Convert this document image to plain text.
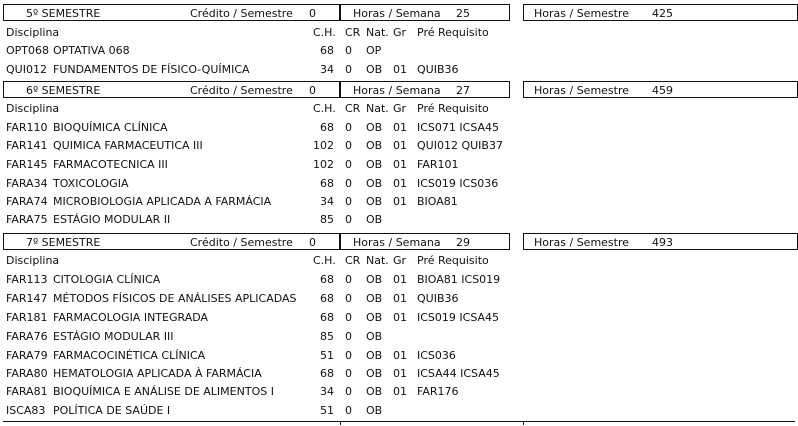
5º SEMESTRE	Crédito / Semestre 0	Horas / Semana 25	Horas / Semestre 425
Disciplina	C.H. CR Nat. Gr Pré Requisito
OPT068 OPTATIVA 068	68 0 OP
QUI012 FUNDAMENTOS DE FÍSICO-QUÍMICA	34 0 OB 01 QUIB36
6º SEMESTRE	Crédito / Semestre 0	Horas / Semana 27	Horas / Semestre 459
Disciplina	C.H. CR Nat. Gr Pré Requisito
FAR110 BIOQUÍMICA CLÍNICA	68 0 OB 01 ICS071 ICSA45
FAR141 QUIMICA FARMACEUTICA III	102 0 OB 01 QUI012 QUIB37
FAR145 FARMACOTECNICA III	102 0 OB 01 FAR101
FARA34 TOXICOLOGIA	68 0 OB 01 ICS019 ICS036
FARA74 MICROBIOLOGIA APLICADA A FARMÁCIA	34 0 OB 01 BIOA81
FARA75 ESTÁGIO MODULAR II	85 0 OB
7º SEMESTRE	Crédito / Semestre 0	Horas / Semana 29	Horas / Semestre 493
Disciplina	C.H. CR Nat. Gr Pré Requisito
FAR113 CITOLOGIA CLÍNICA	68 0 OB 01 BIOA81 ICS019
FAR147 MÉTODOS FÍSICOS DE ANÁLISES APLICADAS	68 0 OB 01 QUIB36
FAR181 FARMACOLOGIA INTEGRADA	68 0 OB 01 ICS019 ICSA45
FARA76 ESTÁGIO MODULAR III	85 0 OB
FARA79 FARMACOCINÉTICA CLÍNICA	51 0 OB 01 ICS036
FARA80 HEMATOLOGIA APLICADA À FARMÁCIA	68 0 OB 01 ICSA44 ICSA45
FARA81 BIOQUÍMICA E ANÁLISE DE ALIMENTOS I	34 0 OB 01 FAR176
ISCA83 POLÍTICA DE SAÚDE I	51 0 OB
